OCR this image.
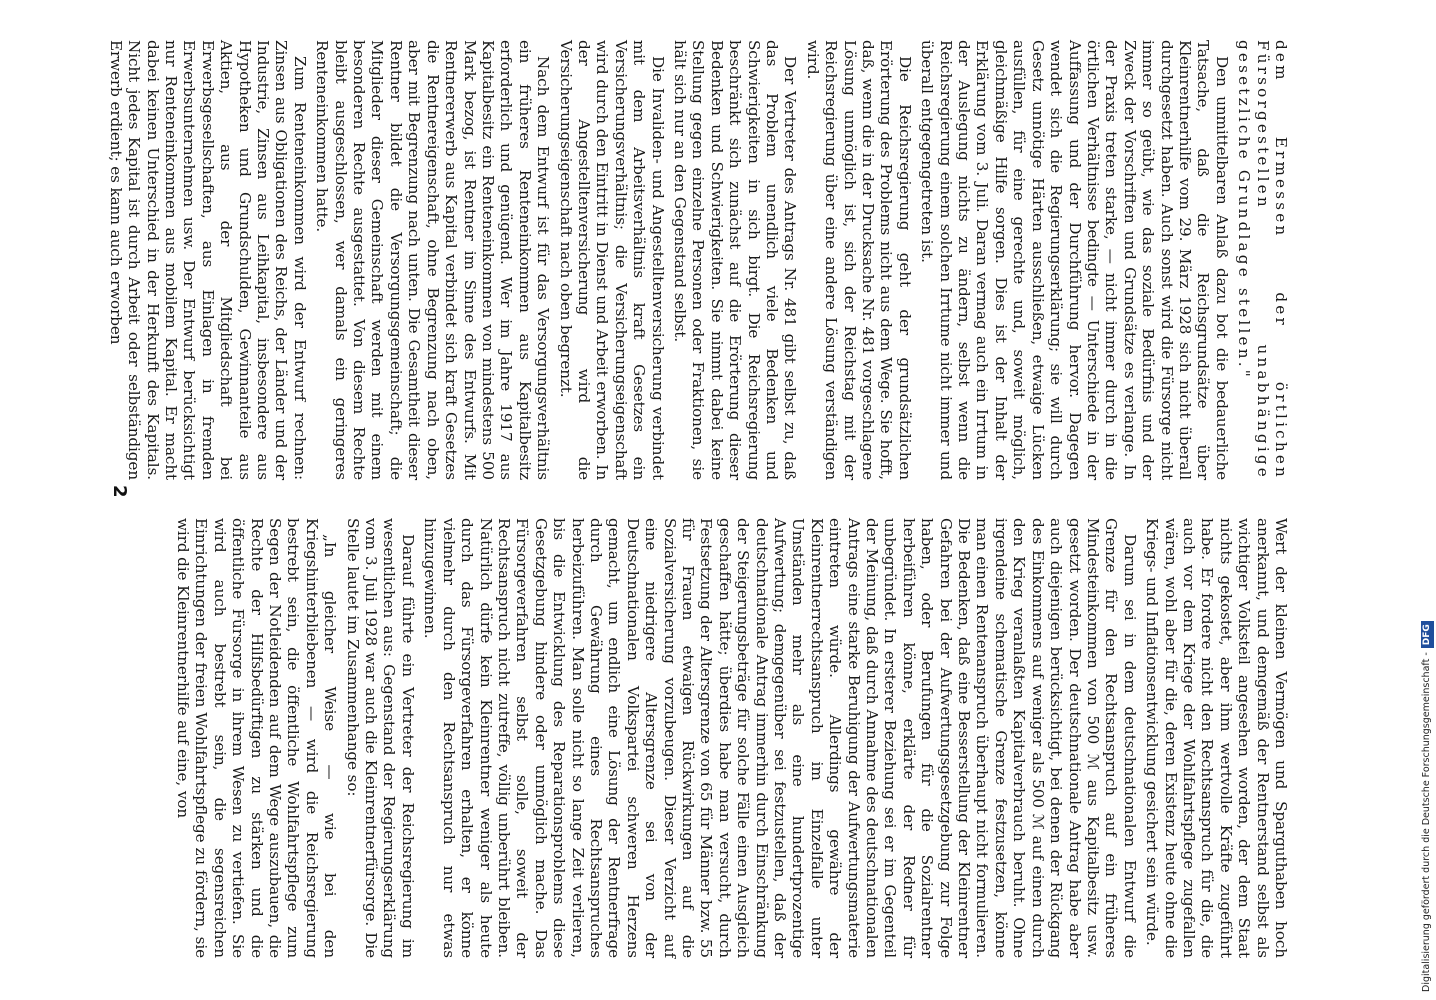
dem Ermessen der örtlichen Fürsorgestellen unabhängige gesetzliche Grundlage stellen."

Den unmittelbaren Anlaß dazu bot die bedauerliche Tatsache, daß die Reichsgrundsätze über Kleinrentnerhilfe vom 29. März 1928 sich nicht überall durchgesetzt haben. Auch sonst wird die Fürsorge nicht immer so geübt, wie das soziale Bedürfnis und der Zweck der Vorschriften und Grundsätze es verlange. In der Praxis treten starke, — nicht immer durch in die örtlichen Verhältnisse bedingte — Unterschiede in der Auffassung und der Durchführung hervor. Dagegen wendet sich die Regierungserklärung; sie will durch Gesetz unnötige Härten ausschließen, etwaige Lücken ausfüllen, für eine gerechte und, soweit möglich, gleichmäßige Hilfe sorgen. Dies ist der Inhalt der Erklärung vom 3. Juli. Daran vermag auch ein Irrtum in der Auslegung nichts zu ändern, selbst wenn die Reichsregierung einem solchen Irrtume nicht immer und überall entgegengetreten ist.

Die Reichsregierung geht der grundsätzlichen Erörterung des Problems nicht aus dem Wege. Sie hofft, daß, wenn die in der Drucksache Nr. 481 vorgeschlagene Lösung unmöglich ist, sich der Reichstag mit der Reichsregierung über eine andere Lösung verständigen wird.

Der Vertreter des Antrags Nr. 481 gibt selbst zu, daß das Problem unendlich viele Bedenken und Schwierigkeiten in sich birgt. Die Reichsregierung beschränkt sich zunächst auf die Erörterung dieser Bedenken und Schwierigkeiten. Sie nimmt dabei keine Stellung gegen einzelne Personen oder Fraktionen, sie hält sich nur an den Gegenstand selbst.

Die Invaliden- und Angestelltenversicherung verbindet mit dem Arbeitsverhältnis kraft Gesetzes ein Versicherungsverhältnis; die Versicherungseigenschaft wird durch den Eintritt in Dienst und Arbeit erworben. In der Angestelltenversicherung wird die Versicherungseigenschaft nach oben begrenzt.

Nach dem Entwurf ist für das Versorgungsverhältnis ein früheres Renteneinkommen aus Kapitalbesitz erforderlich und genügend. Wer im Jahre 1917 aus Kapitalbesitz ein Renteneinkommen von mindestens 500 Mark bezog, ist Rentner im Sinne des Entwurfs. Mit Rentnererwerb aus Kapital verbindet sich kraft Gesetzes die Rentnereigenschaft, ohne Begrenzung nach oben, aber mit Begrenzung nach unten. Die Gesamtheit dieser Rentner bildet die Versorgungsgemeinschaft; die Mitglieder dieser Gemeinschaft werden mit einem besonderen Rechte ausgestattet. Von diesem Rechte bleibt ausgeschlossen, wer damals ein geringeres Renteneinkommen hatte.

Zum Renteneinkommen wird der Entwurf rechnen: Zinsen aus Obligationen des Reichs, der Länder und der Industrie, Zinsen aus Leihkapital, insbesondere aus Hypotheken und Grundschulden, Gewinnanteile aus Aktien, aus der Mitgliedschaft bei Erwerbsgesellschaften, aus Einlagen in fremden Erwerbsunternehmen usw. Der Entwurf berücksichtigt nur Renteneinkommen aus mobilem Kapital. Er macht dabei keinen Unterschied in der Herkunft des Kapitals. Nicht jedes Kapital ist durch Arbeit oder selbständigen Erwerb erdient; es kann auch erworben

Wert der kleinen Vermögen und Sparguthaben hoch anerkannt, und demgemäß der Rentnerstand selbst als wichtiger Volksteil angesehen worden, der dem Staat nichts gekostet, aber ihm wertvolle Kräfte zugeführt habe. Er fordere nicht den Rechtsanspruch für die, die auch vor dem Kriege der Wohlfahrtspflege zugefallen wären, wohl aber für die, deren Existenz heute ohne die Kriegs- und Inflationsentwicklung gesichert sein würde.

Darum sei in dem deutschnationalen Entwurf die Grenze für den Rechtsanspruch auf ein früheres Mindesteinkommen von 500 ℳ aus Kapitalbesitz usw. gesetzt worden. Der deutschnationale Antrag habe aber auch diejenigen berücksichtigt, bei denen der Rückgang des Einkommens auf weniger als 500 ℳ auf einen durch den Krieg veranlaßten Kapitalverbrauch beruht. Ohne irgendeine schematische Grenze festzusetzen, könne man einen Rentenanspruch überhaupt nicht formulieren. Die Bedenken, daß eine Besserstellung der Kleinrentner Gefahren bei der Aufwertungsgesetzgebung zur Folge haben, oder Berufungen für die Sozialrentner herbeiführen könne, erklärte der Redner für unbegründet. In ersterer Beziehung sei er im Gegenteil der Meinung, daß durch Annahme des deutschnationalen Antrags eine starke Beruhigung der Aufwertungsmaterie eintreten würde. Allerdings gewähre der Kleinrentnerrechtsanspruch im Einzelfalle unter Umständen mehr als eine hundertprozentige Aufwertung; demgegenüber sei festzustellen, daß der deutschnationale Antrag immerhin durch Einschränkung der Steigerungsbeträge für solche Fälle einen Ausgleich geschaffen hätte; überdies habe man versucht, durch Festsetzung der Altersgrenze von 65 für Männer bzw. 55 für Frauen etwaigen Rückwirkungen auf die Sozialversicherung vorzubeugen. Dieser Verzicht auf eine niedrigere Altersgrenze sei von der Deutschnationalen Volkspartei schweren Herzens gemacht, um endlich eine Lösung der Rentnerfrage durch Gewährung eines Rechtsanspruches herbeizuführen. Man solle nicht so lange Zeit verlieren, bis die Entwicklung des Reparationsproblems diese Gesetzgebung hindere oder unmöglich mache. Das Fürsorgeverfahren selbst solle, soweit der Rechtsanspruch nicht zutreffe, völlig unberührt bleiben. Natürlich dürfe kein Kleinrentner weniger als heute durch das Fürsorgeverfahren erhalten, er könne vielmehr durch den Rechtsanspruch nur etwas hinzugewinnen.

Darauf führte ein Vertreter der Reichsregierung im wesentlichen aus: Gegenstand der Regierungserklärung vom 3. Juli 1928 war auch die Kleinrentnerfürsorge. Die Stelle lautet im Zusammenhange so:

„In gleicher Weise — wie bei den Kriegshinterbliebenen — wird die Reichsregierung bestrebt sein, die öffentliche Wohlfahrtspflege zum Segen der Notleidenden auf dem Wege auszubauen, die Rechte der Hilfsbedürftigen zu stärken und die öffentliche Fürsorge in ihrem Wesen zu vertiefen. Sie wird auch bestrebt sein, die segensreichen Einrichtungen der freien Wohlfahrtspflege zu fördern, sie wird die Kleinrentnerhilfe auf eine, von

2
Digitalisierung gefördert durch die Deutsche Forschungsgemeinschaft -DFG
